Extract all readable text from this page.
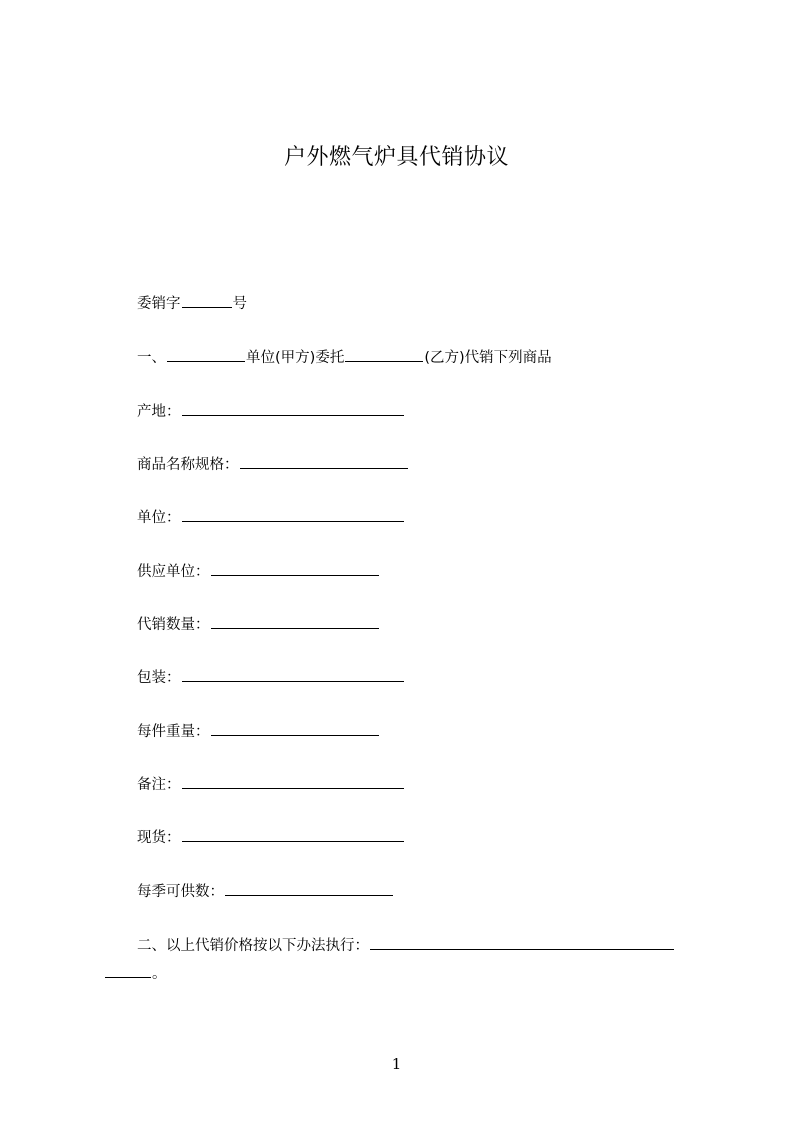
户外燃气炉具代销协议
委销字	号
一、	单位(甲方)委托	(乙方)代销下列商品
产地：
商品名称规格：
单位：
供应单位：
代销数量：
包装：
每件重量：
备注：
现货：
每季可供数：
二、以上代销价格按以下办法执行：
。
1
